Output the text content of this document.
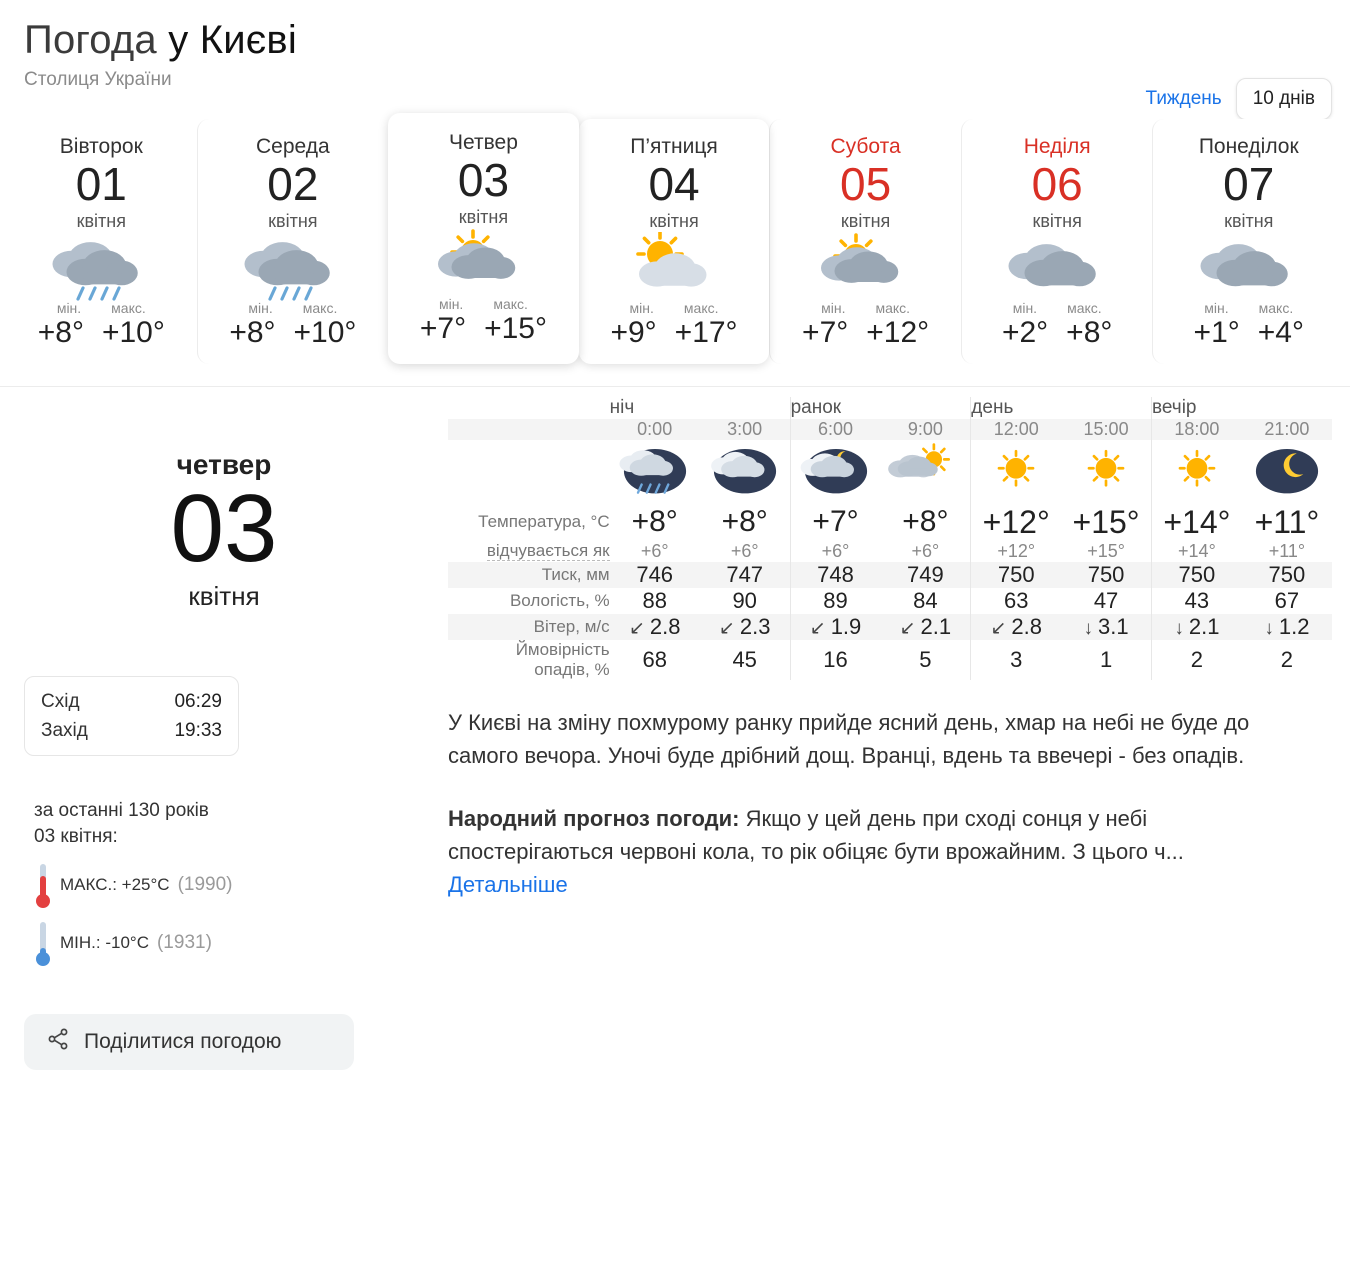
Погода у Києві
Столиця України
Тиждень	10 днів
Вівторок
01
квітня
мін. макс.
+8° +10°
Середа
02
квітня
мін. макс.
+8° +10°
Четвер
03
квітня
мін. макс.
+7° +15°
П’ятниця
04
квітня
мін. макс.
+9° +17°
Субота
05
квітня
мін. макс.
+7° +12°
Неділя
06
квітня
мін. макс.
+2° +8°
Понеділок
07
квітня
мін. макс.
+1° +4°
четвер
03
квітня
Схід	06:29
Захід	19:33
за останні 130 років
03 квітня:
МАКС.: +25°C (1990)
МІН.: -10°C (1931)
Поділитися погодою
	ніч		ранок		день		вечір	
	0:00	3:00	6:00	9:00	12:00	15:00	18:00	21:00

Температура, °C	+8°	+8°	+7°	+8°	+12°	+15°	+14°	+11°
відчувається як	+6°	+6°	+6°	+6°	+12°	+15°	+14°	+11°
Тиск, мм	746	747	748	749	750	750	750	750
Вологість, %	88	90	89	84	63	47	43	67
Вітер, м/с	↙ 2.8	↙ 2.3	↙ 1.9	↙ 2.1	↙ 2.8	↓ 3.1	↓ 2.1	↓ 1.2
Ймовірність
опадів, %	68	45	16	5	3	1	2	2
У Києві на зміну похмурому ранку прийде ясний день, хмар на небі не буде до самого вечора. Уночі буде дрібний дощ. Вранці, вдень та ввечері - без опадів.
Народний прогноз погоди: Якщо у цей день при сході сонця у небі спостерігаються червоні кола, то рік обіцяє бути врожайним. З цього ч... Детальніше
